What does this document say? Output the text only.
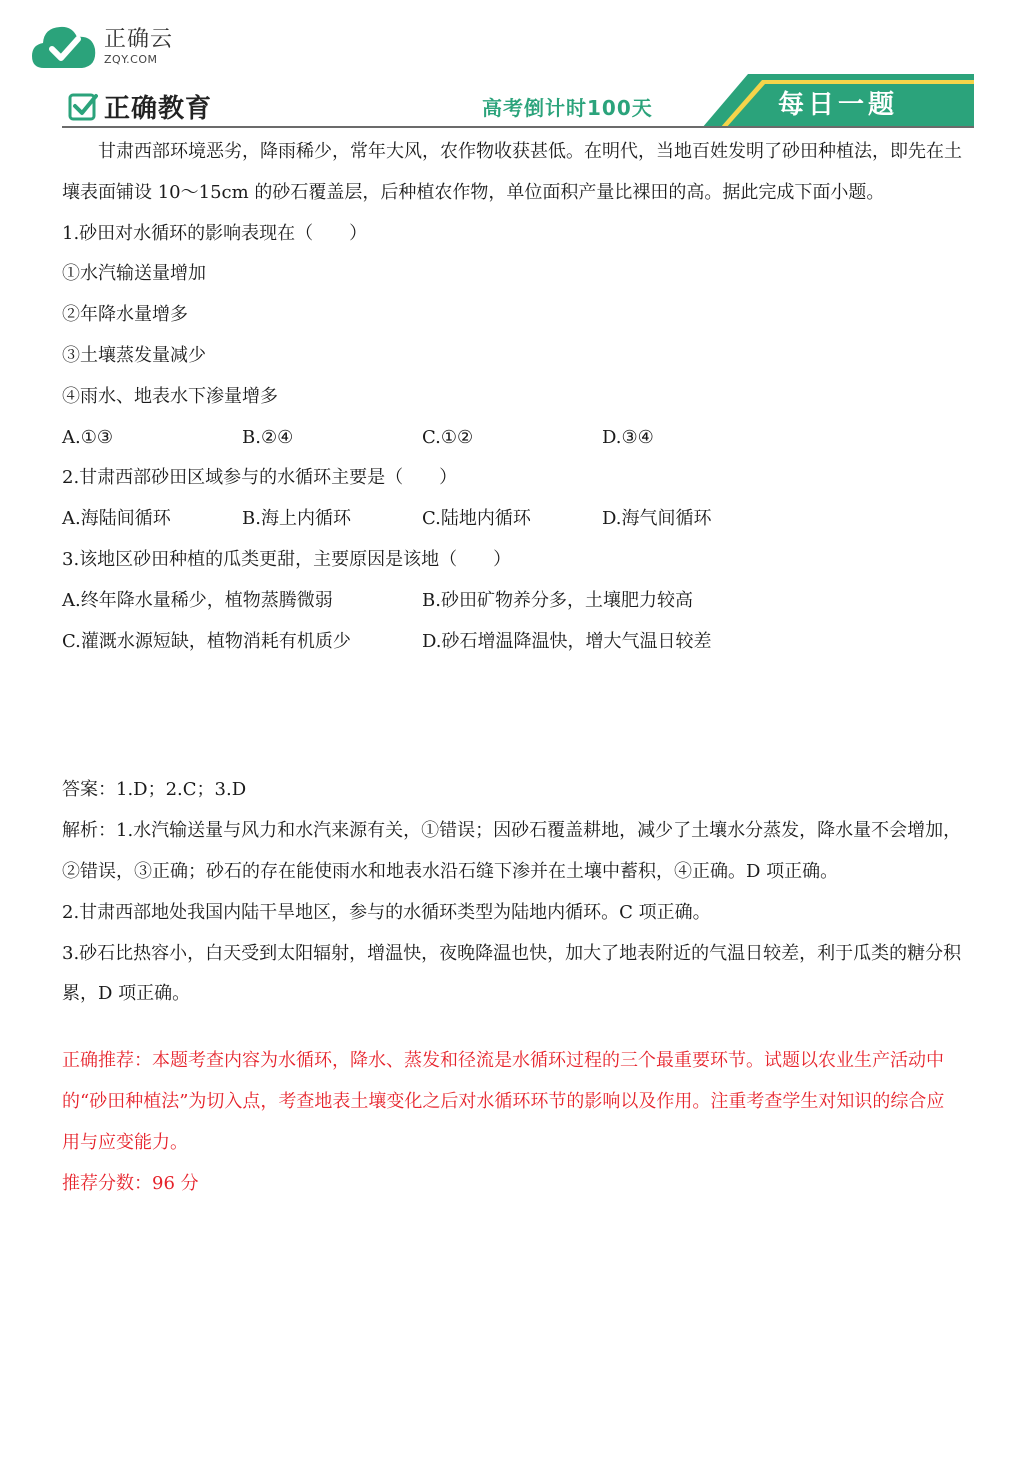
正确云
ZQY.COM
正确教育	高考倒计时100天	每日一题

甘肃西部环境恶劣，降雨稀少，常年大风，农作物收获甚低。在明代，当地百姓发明了砂田种植法，即先在土壤表面铺设 10～15cm 的砂石覆盖层，后种植农作物，单位面积产量比裸田的高。据此完成下面小题。

1.砂田对水循环的影响表现在（　　）

①水汽输送量增加

②年降水量增多

③土壤蒸发量减少

④雨水、地表水下渗量增多

A.①③	B.②④	C.①②	D.③④

2.甘肃西部砂田区域参与的水循环主要是（　　）

A.海陆间循环	B.海上内循环	C.陆地内循环	D.海气间循环

3.该地区砂田种植的瓜类更甜，主要原因是该地（　　）

A.终年降水量稀少，植物蒸腾微弱	B.砂田矿物养分多，土壤肥力较高
C.灌溉水源短缺，植物消耗有机质少	D.砂石增温降温快，增大气温日较差

答案：1.D；2.C；3.D

解析：1.水汽输送量与风力和水汽来源有关，①错误；因砂石覆盖耕地，减少了土壤水分蒸发，降水量不会增加，②错误，③正确；砂石的存在能使雨水和地表水沿石缝下渗并在土壤中蓄积，④正确。D 项正确。

2.甘肃西部地处我国内陆干旱地区，参与的水循环类型为陆地内循环。C 项正确。

3.砂石比热容小，白天受到太阳辐射，增温快，夜晚降温也快，加大了地表附近的气温日较差，利于瓜类的糖分积累，D 项正确。

正确推荐：本题考查内容为水循环，降水、蒸发和径流是水循环过程的三个最重要环节。试题以农业生产活动中的“砂田种植法”为切入点，考查地表土壤变化之后对水循环环节的影响以及作用。注重考查学生对知识的综合应用与应变能力。

推荐分数：96 分
